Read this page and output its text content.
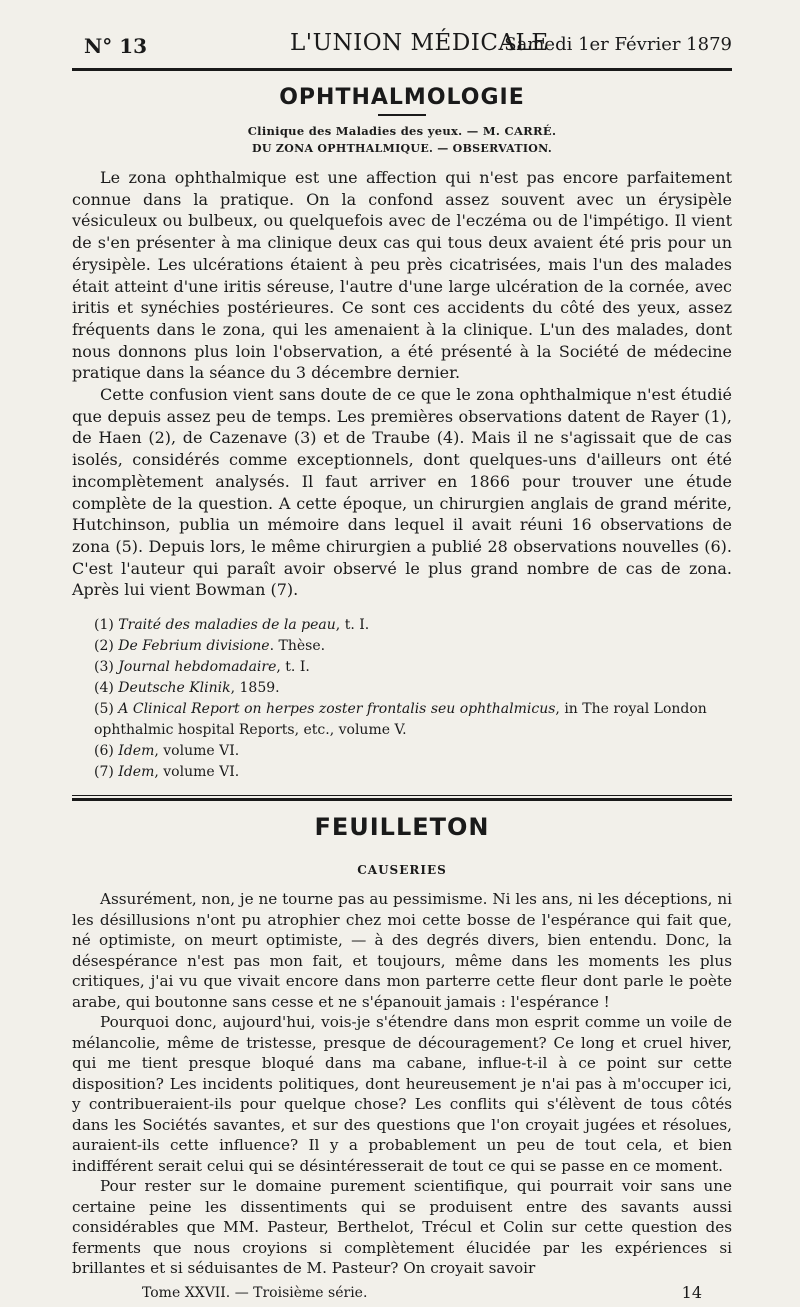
N° 13	L'UNION MÉDICALE
Samedi 1er Février 1879
OPHTHALMOLOGIE
Clinique des Maladies des yeux. — M. CARRÉ.
DU ZONA OPHTHALMIQUE. — OBSERVATION.

Le zona ophthalmique est une affection qui n'est pas encore parfaitement connue dans la pratique. On la confond assez souvent avec un érysipèle vésiculeux ou bulbeux, ou quelquefois avec de l'eczéma ou de l'impétigo. Il vient de s'en présenter à ma clinique deux cas qui tous deux avaient été pris pour un érysipèle. Les ulcérations étaient à peu près cicatrisées, mais l'un des malades était atteint d'une iritis séreuse, l'autre d'une large ulcération de la cornée, avec iritis et synéchies postérieures. Ce sont ces accidents du côté des yeux, assez fréquents dans le zona, qui les amenaient à la clinique. L'un des malades, dont nous donnons plus loin l'observation, a été présenté à la Société de médecine pratique dans la séance du 3 décembre dernier.

Cette confusion vient sans doute de ce que le zona ophthalmique n'est étudié que depuis assez peu de temps. Les premières observations datent de Rayer (1), de Haen (2), de Cazenave (3) et de Traube (4). Mais il ne s'agissait que de cas isolés, considérés comme exceptionnels, dont quelques-uns d'ailleurs ont été incomplètement analysés. Il faut arriver en 1866 pour trouver une étude complète de la question. A cette époque, un chirurgien anglais de grand mérite, Hutchinson, publia un mémoire dans lequel il avait réuni 16 observations de zona (5). Depuis lors, le même chirurgien a publié 28 observations nouvelles (6). C'est l'auteur qui paraît avoir observé le plus grand nombre de cas de zona. Après lui vient Bowman (7).

(1) Traité des maladies de la peau, t. I.
(2) De Febrium divisione. Thèse.
(3) Journal hebdomadaire, t. I.
(4) Deutsche Klinik, 1859.
(5) A Clinical Report on herpes zoster frontalis seu ophthalmicus, in The royal London ophthalmic hospital Reports, etc., volume V.
(6) Idem, volume VI.
(7) Idem, volume VI.
FEUILLETON
CAUSERIES

Assurément, non, je ne tourne pas au pessimisme. Ni les ans, ni les déceptions, ni les désillusions n'ont pu atrophier chez moi cette bosse de l'espérance qui fait que, né optimiste, on meurt optimiste, — à des degrés divers, bien entendu. Donc, la désespérance n'est pas mon fait, et toujours, même dans les moments les plus critiques, j'ai vu que vivait encore dans mon parterre cette fleur dont parle le poète arabe, qui boutonne sans cesse et ne s'épanouit jamais : l'espérance !

Pourquoi donc, aujourd'hui, vois-je s'étendre dans mon esprit comme un voile de mélancolie, même de tristesse, presque de découragement? Ce long et cruel hiver, qui me tient presque bloqué dans ma cabane, influe-t-il à ce point sur cette disposition? Les incidents politiques, dont heureusement je n'ai pas à m'occuper ici, y contribueraient-ils pour quelque chose? Les conflits qui s'élèvent de tous côtés dans les Sociétés savantes, et sur des questions que l'on croyait jugées et résolues, auraient-ils cette influence? Il y a probablement un peu de tout cela, et bien indifférent serait celui qui se désintéresserait de tout ce qui se passe en ce moment.

Pour rester sur le domaine purement scientifique, qui pourrait voir sans une certaine peine les dissentiments qui se produisent entre des savants aussi considérables que MM. Pasteur, Berthelot, Trécul et Colin sur cette question des ferments que nous croyions si complètement élucidée par les expériences si brillantes et si séduisantes de M. Pasteur? On croyait savoir

Tome XXVII. — Troisième série.	14
